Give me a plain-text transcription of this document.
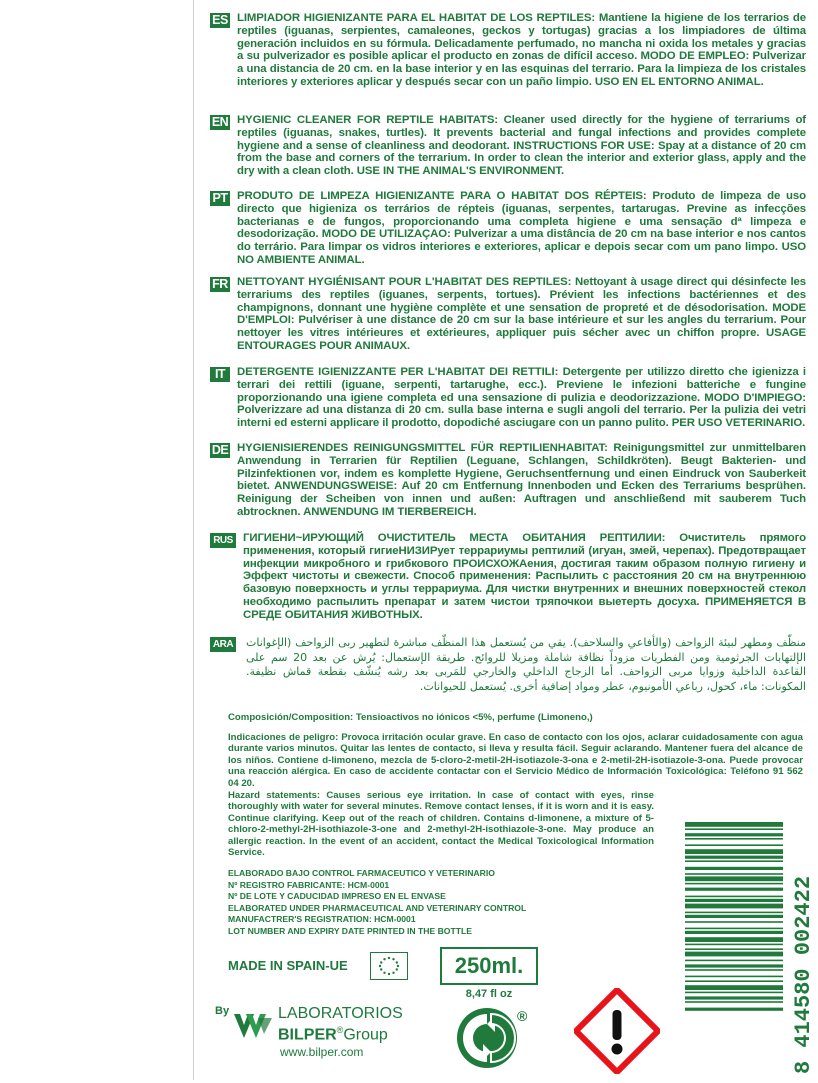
ES LIMPIADOR HIGIENIZANTE PARA EL HABITAT DE LOS REPTILES: Mantiene la higiene de los terrarios de reptiles (iguanas, serpientes, camaleones, geckos y tortugas) gracias a los limpiadores de última generación incluidos en su fórmula. Delicadamente perfumado, no mancha ni oxida los metales y gracias a su pulverizador es posible aplicar el producto en zonas de difícil acceso. MODO DE EMPLEO: Pulverizar a una distancia de 20 cm. en la base interior y en las esquinas del terrario. Para la limpieza de los cristales interiores y exteriores aplicar y después secar con un paño limpio. USO EN EL ENTORNO ANIMAL.
EN HYGIENIC CLEANER FOR REPTILE HABITATS: Cleaner used directly for the hygiene of terrariums of reptiles (iguanas, snakes, turtles). It prevents bacterial and fungal infections and provides complete hygiene and a sense of cleanliness and deodorant. INSTRUCTIONS FOR USE: Spay at a distance of 20 cm from the base and corners of the terrarium. In order to clean the interior and exterior glass, apply and the dry with a clean cloth. USE IN THE ANIMAL'S ENVIRONMENT.
PT PRODUTO DE LIMPEZA HIGIENIZANTE PARA O HABITAT DOS RÉPTEIS: Produto de limpeza de uso directo que higieniza os terrários de répteis (iguanas, serpentes, tartarugas. Previne as infecções bacterianas e de fungos, proporcionando uma completa higiene e uma sensação dª limpeza e desodorização. MODO DE UTILIZAÇAO: Pulverizar a uma distância de 20 cm na base interior e nos cantos do terrário. Para limpar os vidros interiores e exteriores, aplicar e depois secar com um pano limpo. USO NO AMBIENTE ANIMAL.
FR NETTOYANT HYGIÉNISANT POUR L'HABITAT DES REPTILES: Nettoyant à usage direct qui désinfecte les terrariums des reptiles (iguanes, serpents, tortues). Prévient les infections bactériennes et des champignons, donnant une hygiène complète et une sensation de propreté et de désodorisation. MODE D'EMPLOI: Pulvériser à une distance de 20 cm sur la base intérieure et sur les angles du terrarium. Pour nettoyer les vitres intérieures et extérieures, appliquer puis sécher avec un chiffon propre. USAGE ENTOURAGES POUR ANIMAUX.
IT	DETERGENTE IGIENIZZANTE PER L'HABITAT DEI RETTILI: Detergente per utilizzo diretto che igienizza i terrari dei rettili (iguane, serpenti, tartarughe, ecc.). Previene le infezioni batteriche e fungine proporzionando una igiene completa ed una sensazione di pulizia e deodorizzazione. MODO D'IMPIEGO: Polverizzare ad una distanza di 20 cm. sulla base interna e sugli angoli del terrario. Per la pulizia dei vetri interni ed esterni applicare il prodotto, dopodiché asciugare con un panno pulito. PER USO VETERINARIO.
DE HYGIENISIERENDES REINIGUNGSMITTEL FÜR REPTILIENHABITAT: Reinigungsmittel zur unmittelbaren Anwendung in Terrarien für Reptilien (Leguane, Schlangen, Schildkröten). Beugt Bakterien- und Pilzinfektionen vor, indem es komplette Hygiene, Geruchsentfernung und einen Eindruck von Sauberkeit bietet. ANWENDUNGSWEISE: Auf 20 cm Entfernung Innenboden und Ecken des Terrariums besprühen. Reinigung der Scheiben von innen und außen: Auftragen und anschließend mit sauberem Tuch abtrocknen. ANWENDUNG IM TIERBEREICH.
RUS ГИГИЕНИ~ИРУЮЩИЙ ОЧИСТИТЕЛЬ МЕСТА ОБИТАНИЯ РЕПТИЛИИ: Очиститель прямого применения, который гигиеНИЗИРует террариумы рептилий (игуан, змей, черепах). Предотвращает инфекции микробного и грибкового ПРОИСХОЖАения, достигая таким образом полную гигиену и Эффект чистоты и свежести. Способ применения: Распылить с расстояния 20 см на внутреннюю базовую поверхность и углы террариума. Для чистки внутренних и внешних поверхностей стекол необходимо распылить препарат и затем чистои тряпочкои выетерть досуха. ПРИМЕНЯЕТСЯ В СРЕДЕ ОБИТАНИЯ ЖИВОТНЫХ.
ARA منظّف ومطهر لبيئة الزواحف (والأفاعي والسلاحف). يقي من يُستعمل هذا المنظّف مباشرة لتطهير ربى الزواحف (الإغوانات الإلتهابات الجرثومية ومن الفطريات مزوداً نظافة شاملة ومزيلا للروائح. طريقة الإستعمال: يُرش عن بعد 20 سم على القاعدة الداخلية وزوايا مربى الزواحف. أما الزجاج الداخلي والخارجي للمَربى بعد رشه يُنشّف بقطعة قماش نظيفة. المكونات: ماء، كحول، رباعي الأمونيوم، عطر ومواد إضافية أخرى. يُستعمل للحيوانات.
Composición/Composition: Tensioactivos no iónicos <5%, perfume (Limoneno,)
Indicaciones de peligro: Provoca irritación ocular grave. En caso de contacto con los ojos, aclarar cuidadosamente con agua durante varios minutos. Quitar las lentes de contacto, si lleva y resulta fácil. Seguir aclarando. Mantener fuera del alcance de los niños. Contiene d-limoneno, mezcla de 5-cloro-2-metil-2H-isotiazole-3-ona e 2-metil-2H-isotiazole-3-ona. Puede provocar una reacción alérgica. En caso de accidente contactar con el Servicio Médico de Información Toxicológica: Teléfono 91 562 04 20.
Hazard statements: Causes serious eye irritation. In case of contact with eyes, rinse thoroughly with water for several minutes. Remove contact lenses, if it is worn and it is easy. Continue clarifying. Keep out of the reach of children. Contains d-limonene, a mixture of 5-chloro-2-methyl-2H-isothiazole-3-one and 2-methyl-2H-isothiazole-3-one. May produce an allergic reaction. In the event of an accident, contact the Medical Toxicological Information Service.
ELABORADO BAJO CONTROL FARMACEUTICO Y VETERINARIO
Nº REGISTRO FABRICANTE: HCM-0001
Nº DE LOTE Y CADUCIDAD IMPRESO EN EL ENVASE
ELABORATED UNDER PHARMACEUTICAL AND VETERINARY CONTROL
MANUFACTRER'S REGISTRATION: HCM-0001
LOT NUMBER AND EXPIRY DATE PRINTED IN THE BOTTLE
MADE IN SPAIN-UE	250ml.
8,47 fl oz
By	LABORATORIOS
BILPER®Group
www.bilper.com
®	8 414580 002422
